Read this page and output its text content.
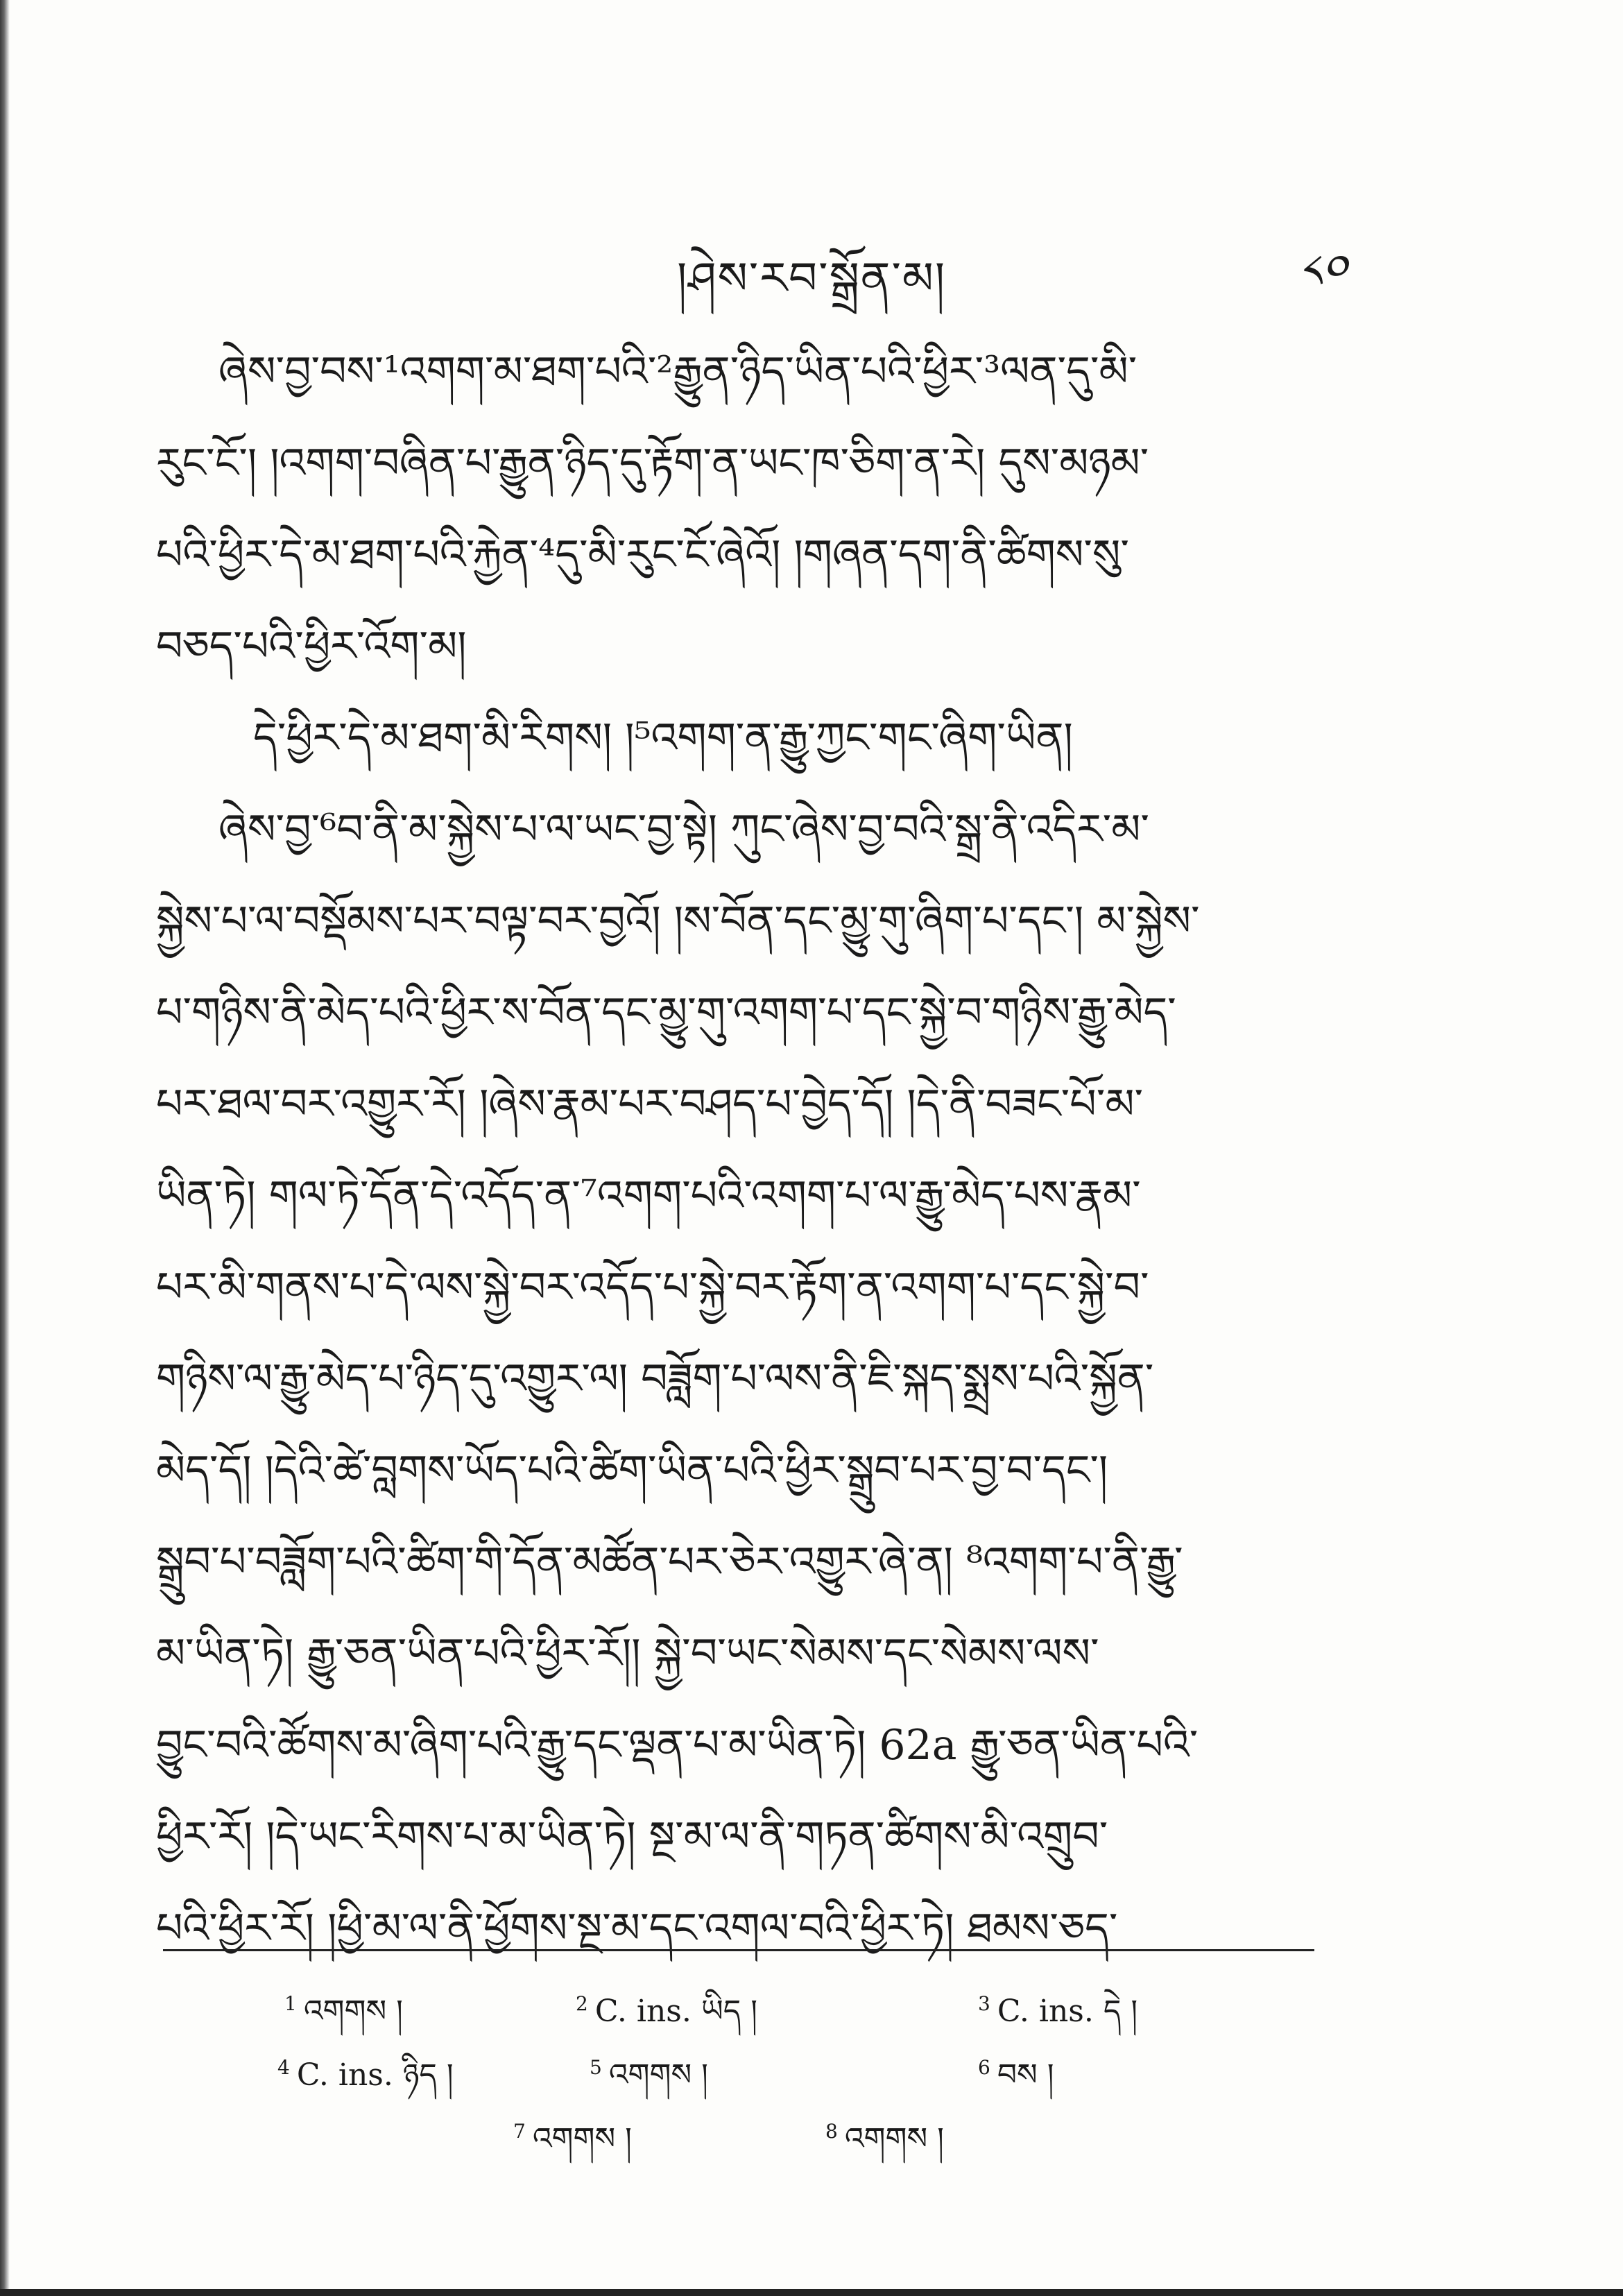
།ཤེས་རབ་སྒྲོན་མ།	༨༠
ཞེས་བྱ་བས་¹འགག་མ་ཐག་པའི་²རྒྱུན་ཉིད་ཡིན་པའི་ཕྱིར་³ལན་དུ་མི་
རུང་ངོ་། །འགག་བཞིན་པ་རྒྱུན་ཉིད་དུ་རྟོག་ན་ཡང་ཁ་ཅིག་ན་རེ། དུས་མཉམ་
པའི་ཕྱིར་དེ་མ་ཐག་པའི་རྐྱེན་⁴དུ་མི་རུང་ངོ་ཞེའོ། །གཞན་དག་ནི་ཚིགས་སུ་
བཅད་པའི་ཕྱིར་འོག་མ།
དེ་ཕྱིར་དེ་མ་ཐག་མི་རིགས། །⁵འགག་ན་རྒྱུ་ཀྱང་གང་ཞིག་ཡིན།
ཞེས་བྱ་⁶བ་ནི་མ་སྐྱེས་པ་ལ་ཡང་བྱ་སྟེ། ཀུང་ཞེས་བྱ་བའི་སྒྲ་ནི་འདིར་མ་
སྐྱེས་པ་ལ་བསྡོམས་པར་བལྟ་བར་བྱའོ། །ས་བོན་དང་མྱུ་གུ་ཞིག་པ་དང་། མ་སྐྱེས་
པ་གཉིས་ནི་མེད་པའི་ཕྱིར་ས་བོན་དང་མྱུ་གུ་འགག་པ་དང་སྐྱེ་བ་གཉིས་རྒྱུ་མེད་
པར་ཐལ་བར་འགྱུར་རོ། །ཞེས་རྣམ་པར་བཤད་པ་བྱེད་དོ། །དེ་ནི་བཟང་པོ་མ་
ཡིན་ཏེ། གལ་ཏེ་དོན་དེ་འདོད་ན་⁷འགག་པའི་འགག་པ་ལ་རྒྱུ་མེད་པས་རྣམ་
པར་མི་གནས་པ་དེ་ལས་སྐྱེ་བར་འདོད་པ་སྐྱེ་བར་རྟོག་ན་འགག་པ་དང་སྐྱེ་བ་
གཉིས་ལ་རྒྱུ་མེད་པ་ཉིད་དུ་འགྱུར་ལ། བཟློག་པ་ལས་ནི་ཇི་སྐད་སྨྲས་པའི་སྐྱོན་
མེད་དོ། །དེའི་ཚེ་བླགས་ཡོད་པའི་ཚིག་ཡིན་པའི་ཕྱིར་སྒྲུབ་པར་བྱ་བ་དང་།
སྒྲུབ་པ་བཟློག་པའི་ཚིག་གི་དོན་མཚོན་པར་ཅེར་འགྱུར་ཞེ་ན། ⁸འགག་པ་ནི་རྒྱུ་
མ་ཡིན་ཏེ། རྒྱུ་ཅན་ཡིན་པའི་ཕྱིར་རོ།། སྐྱེ་བ་ཡང་སེམས་དང་སེམས་ལས་
བྱུང་བའི་ཚོགས་མ་ཞིག་པའི་རྒྱུ་དང་ལྡན་པ་མ་ཡིན་ཏེ། 62a རྒྱུ་ཅན་ཡིན་པའི་
ཕྱིར་རོ། །དེ་ཡང་རིགས་པ་མ་ཡིན་ཏེ། སྔ་མ་ལ་ནི་གཏན་ཚིགས་མི་འགྲུབ་
པའི་ཕྱིར་རོ། །ཕྱི་མ་ལ་ནི་ཕྱོགས་སྔ་མ་དང་འགལ་བའི་ཕྱིར་ཏེ། ཐམས་ཅད་
$^1$ འགགས །	$^2$ C. ins. ཡིད །	$^3$ C. ins. དེ །
$^4$ C. ins. ཉིད །	$^5$ འགགས །	$^6$ བས །
$^7$ འགགས །	$^8$ འགགས །
